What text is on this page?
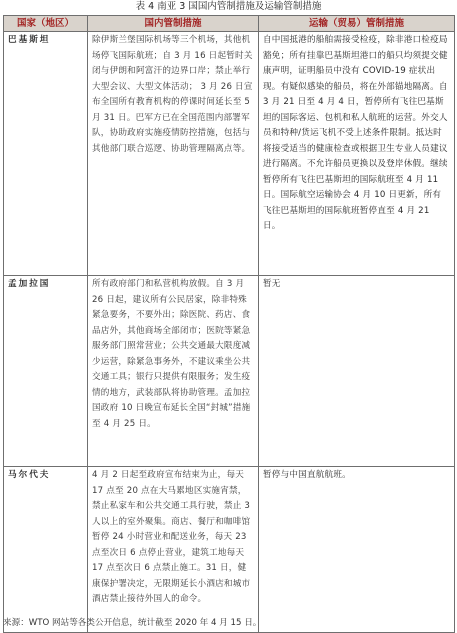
表 4 南亚 3 国国内管制措施及运输管制措施
国家（地区）	国内管制措施	运输（贸易）管制措施
巴基斯坦	除伊斯兰堡国际机场等三个机场，其他机场停飞国际航班；自 3 月 16 日起暂时关闭与伊朗和阿富汗的边界口岸；禁止举行大型会议、大型文体活动； 3 月 26 日宣布全国所有教育机构的停课时间延长至 5 月 31 日。巴军方已在全国范围内部署军队，协助政府实施疫情防控措施，包括与其他部门联合巡逻、协助管理隔离点等。	自中国抵港的船舶需接受检疫，除非港口检疫局豁免；所有挂靠巴基斯坦港口的船只均须提交健康声明，证明船员中没有 COVID-19 症状出现。有疑似感染的船员，将在外部锚地隔离。自 3 月 21 日至 4 月 4 日，暂停所有飞往巴基斯坦的国际客运、包机和私人航班的运营。外交人员和特种/货运飞机不受上述条件限制。抵达时将接受适当的健康检查或根据卫生专业人员建议进行隔离。不允许船员更换以及登岸休假。继续暂停所有飞往巴基斯坦的国际航班至 4 月 11 日。国际航空运输协会 4 月 10 日更新，所有飞往巴基斯坦的国际航班暂停直至 4 月 21 日。
孟加拉国	所有政府部门和私营机构放假。自 3 月 26 日起，建议所有公民居家，除非特殊紧急要务，不要外出；除医院、药店、食品店外，其他商场全部闭市；医院等紧急服务部门照常营业；公共交通最大限度减少运营，除紧急事务外，不建议乘坐公共交通工具；银行只提供有限服务；发生疫情的地方，武装部队将协助管理。孟加拉国政府 10 日晚宣布延长全国“封城”措施至 4 月 25 日。	暂无
马尔代夫	4 月 2 日起至政府宣布结束为止，每天 17 点至 20 点在大马累地区实施宵禁，禁止私家车和公共交通工具行驶，禁止 3 人以上的室外聚集。商店、餐厅和咖啡馆暂停 24 小时营业和配送业务，每天 23 点至次日 6 点停止营业，建筑工地每天 17 点至次日 6 点禁止施工。31 日，健康保护署决定，无限期延长小酒店和城市酒店禁止接待外国人的命令。	暂停与中国直航航班。
来源：WTO 网站等各类公开信息，统计截至 2020 年 4 月 15 日。
